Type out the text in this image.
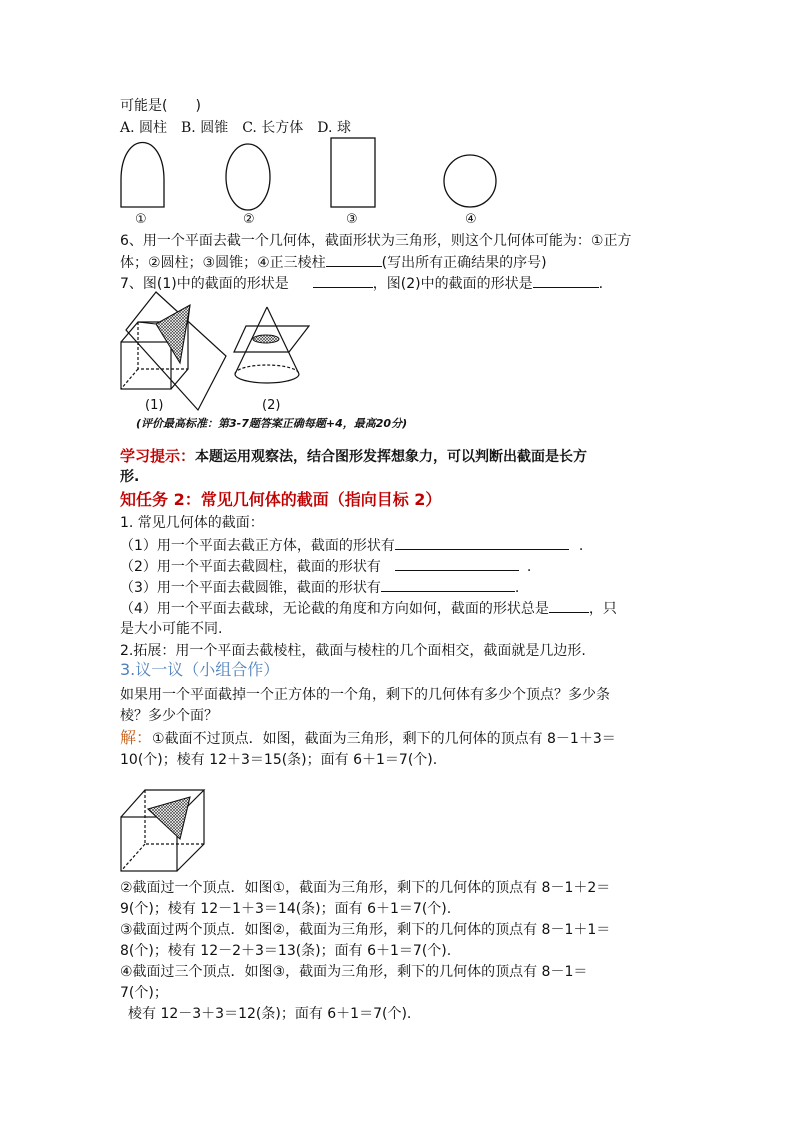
可能是(　　)
A. 圆柱　B. 圆锥　C. 长方体　D. 球
①	②	③	④
6、用一个平面去截一个几何体，截面形状为三角形，则这个几何体可能为：①正方
体；②圆柱；③圆锥；④正三棱柱	(写出所有正确结果的序号)
7、图(1)中的截面的形状是	，图(2)中的截面的形状是	.
(1)	(2)
(评价最高标准：第3-7题答案正确每题+4，最高20分)
学习提示：本题运用观察法，结合图形发挥想象力，可以判断出截面是长方
形.
知任务 2：常见几何体的截面（指向目标 2）
1. 常见几何体的截面：
（1）用一个平面去截正方体，截面的形状有	.
（2）用一个平面去截圆柱，截面的形状有	.
（3）用一个平面去截圆锥，截面的形状有	.
（4）用一个平面去截球，无论截的角度和方向如何，截面的形状总是	，只
是大小可能不同.
2.拓展：用一个平面去截棱柱，截面与棱柱的几个面相交，截面就是几边形.
3.议一议（小组合作）
如果用一个平面截掉一个正方体的一个角，剩下的几何体有多少个顶点？多少条
棱？多少个面？
解：①截面不过顶点．如图，截面为三角形，剩下的几何体的顶点有 8－1＋3＝
10(个)；棱有 12＋3＝15(条)；面有 6＋1＝7(个).
②截面过一个顶点．如图①，截面为三角形，剩下的几何体的顶点有 8－1＋2＝
9(个)；棱有 12－1＋3＝14(条)；面有 6＋1＝7(个).
③截面过两个顶点．如图②，截面为三角形，剩下的几何体的顶点有 8－1＋1＝
8(个)；棱有 12－2＋3＝13(条)；面有 6＋1＝7(个).
④截面过三个顶点．如图③，截面为三角形，剩下的几何体的顶点有 8－1＝
7(个)；
棱有 12－3＋3＝12(条)；面有 6＋1＝7(个).
